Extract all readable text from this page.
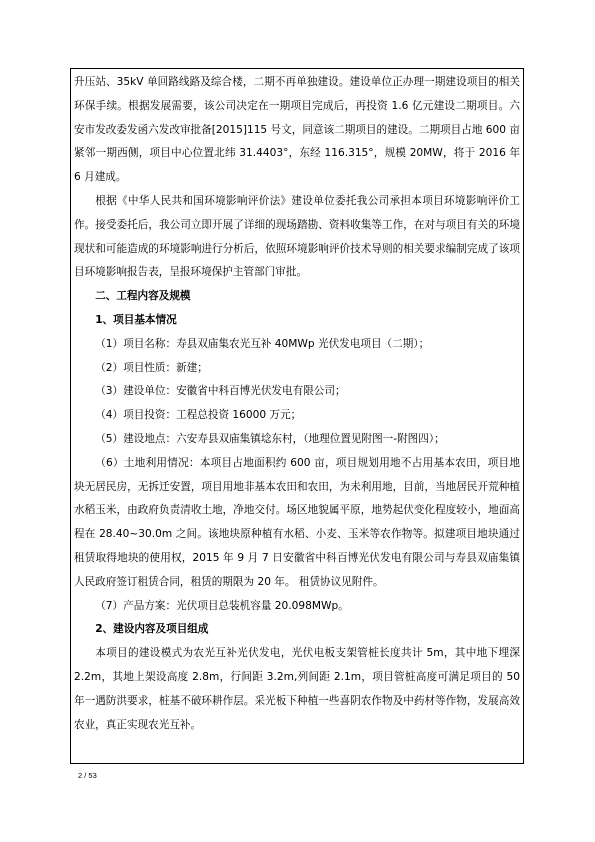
升压站、35kV 单回路线路及综合楼，二期不再单独建设。建设单位正办理一期建设项目的相关环保手续。根据发展需要，该公司决定在一期项目完成后，再投资 1.6 亿元建设二期项目。六安市发改委发函六发改审批备[2015]115 号文，同意该二期项目的建设。二期项目占地 600 亩紧邻一期西侧，项目中心位置北纬 31.4403°，东经 116.315°，规模 20MW，将于 2016 年 6 月建成。

根据《中华人民共和国环境影响评价法》建设单位委托我公司承担本项目环境影响评价工作。接受委托后，我公司立即开展了详细的现场踏勘、资料收集等工作，在对与项目有关的环境现状和可能造成的环境影响进行分析后，依照环境影响评价技术导则的相关要求编制完成了该项目环境影响报告表，呈报环境保护主管部门审批。

二、工程内容及规模

1、项目基本情况

（1）项目名称：寿县双庙集农光互补 40MWp 光伏发电项目（二期）；

（2）项目性质：新建；

（3）建设单位：安徽省中科百博光伏发电有限公司；

（4）项目投资：工程总投资 16000 万元；

（5）建设地点：六安寿县双庙集镇埝东村，（地理位置见附图一-附图四）；

（6）土地利用情况：本项目占地面积约 600 亩，项目规划用地不占用基本农田，项目地块无居民房，无拆迁安置，项目用地非基本农田和农田，为未利用地，目前，当地居民开荒种植水稻玉米，由政府负责清收土地，净地交付。场区地貌属平原，地势起伏变化程度较小，地面高程在 28.40~30.0m 之间。该地块原种植有水稻、小麦、玉米等农作物等。拟建项目地块通过租赁取得地块的使用权，2015 年 9 月 7 日安徽省中科百博光伏发电有限公司与寿县双庙集镇人民政府签订租赁合同，租赁的期限为 20 年。 租赁协议见附件。

（7）产品方案：光伏项目总装机容量 20.098MWp。

2、建设内容及项目组成

本项目的建设模式为农光互补光伏发电，光伏电板支架管桩长度共计 5m，其中地下埋深 2.2m，其地上架设高度 2.8m，行间距 3.2m,列间距 2.1m，项目管桩高度可满足项目的 50 年一遇防洪要求，桩基不破环耕作层。采光板下种植一些喜阴农作物及中药材等作物，发展高效农业，真正实现农光互补。

2 / 53
